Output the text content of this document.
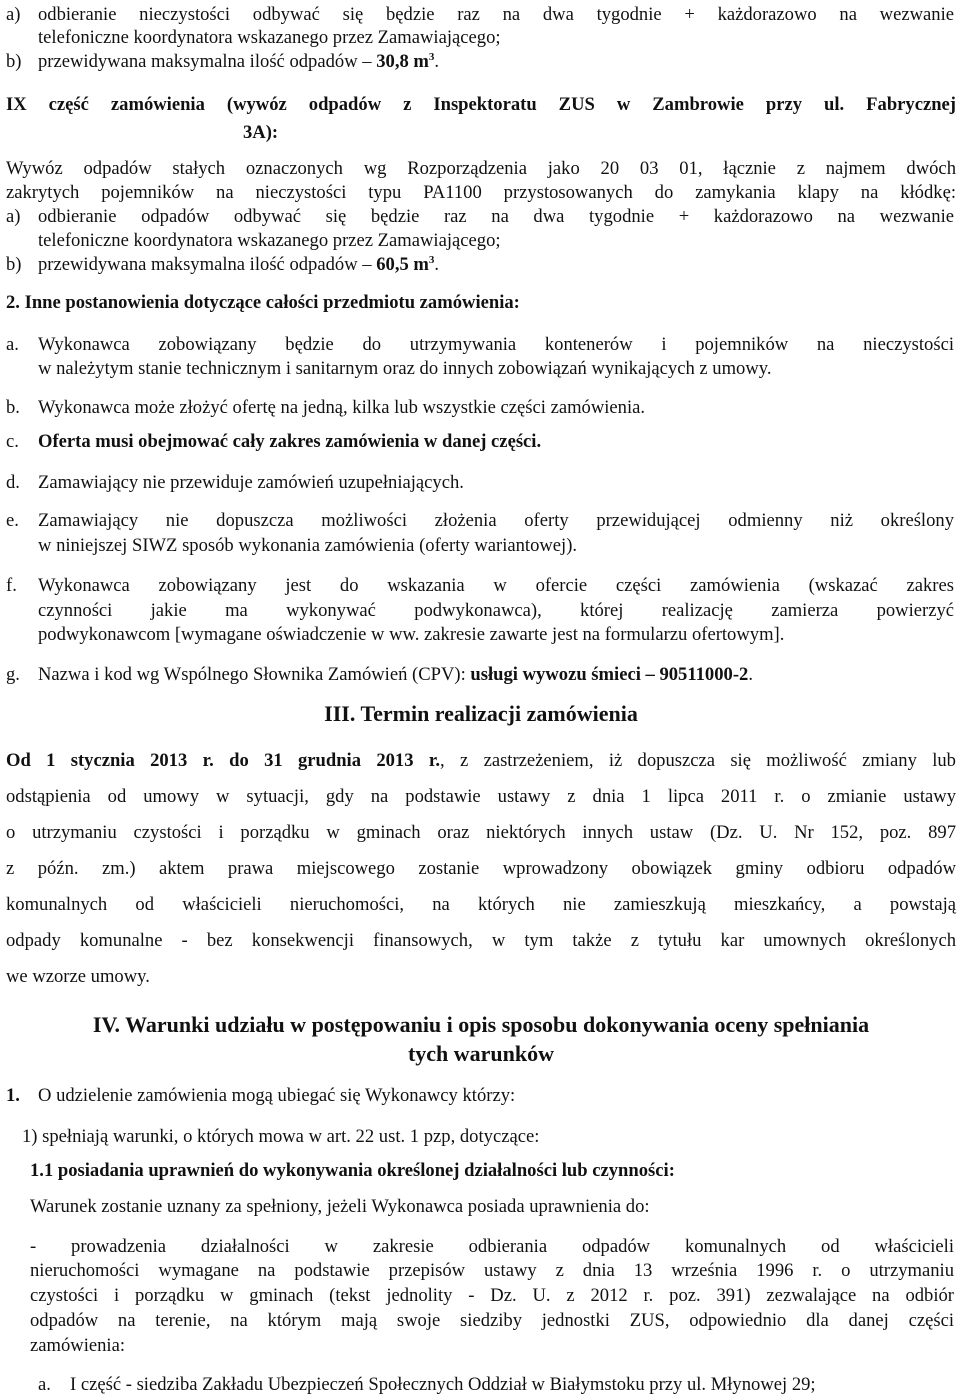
a) odbieranie nieczystości odbywać się będzie raz na dwa tygodnie + każdorazowo na wezwanie
telefoniczne koordynatora wskazanego przez Zamawiającego;
b) przewidywana maksymalna ilość odpadów – 30,8 $m^3$.
IX część zamówienia (wywóz odpadów z Inspektoratu ZUS w Zambrowie przy ul. Fabrycznej
3A):
Wywóz odpadów stałych oznaczonych wg Rozporządzenia jako 20 03 01, łącznie z najmem dwóch
zakrytych pojemników na nieczystości typu PA1100 przystosowanych do zamykania klapy na kłódkę:
a) odbieranie odpadów odbywać się będzie raz na dwa tygodnie + każdorazowo na wezwanie
telefoniczne koordynatora wskazanego przez Zamawiającego;
b) przewidywana maksymalna ilość odpadów – 60,5 $m^3$.
2. Inne postanowienia dotyczące całości przedmiotu zamówienia:
a. Wykonawca zobowiązany będzie do utrzymywania kontenerów i pojemników na nieczystości
w należytym stanie technicznym i sanitarnym oraz do innych zobowiązań wynikających z umowy.
b. Wykonawca może złożyć ofertę na jedną, kilka lub wszystkie części zamówienia.
c. Oferta musi obejmować cały zakres zamówienia w danej części.
d. Zamawiający nie przewiduje zamówień uzupełniających.
e. Zamawiający nie dopuszcza możliwości złożenia oferty przewidującej odmienny niż określony
w niniejszej SIWZ sposób wykonania zamówienia (oferty wariantowej).
f. Wykonawca zobowiązany jest do wskazania w ofercie części zamówienia (wskazać zakres
czynności jakie ma wykonywać podwykonawca), której realizację zamierza powierzyć
podwykonawcom [wymagane oświadczenie w ww. zakresie zawarte jest na formularzu ofertowym].
g. Nazwa i kod wg Wspólnego Słownika Zamówień (CPV): usługi wywozu śmieci – 90511000-2.
III. Termin realizacji zamówienia
Od 1 stycznia 2013 r. do 31 grudnia 2013 r., z zastrzeżeniem, iż dopuszcza się możliwość zmiany lub
odstąpienia od umowy w sytuacji, gdy na podstawie ustawy z dnia 1 lipca 2011 r. o zmianie ustawy
o utrzymaniu czystości i porządku w gminach oraz niektórych innych ustaw (Dz. U. Nr 152, poz. 897
z późn. zm.) aktem prawa miejscowego zostanie wprowadzony obowiązek gminy odbioru odpadów
komunalnych od właścicieli nieruchomości, na których nie zamieszkują mieszkańcy, a powstają
odpady komunalne - bez konsekwencji finansowych, w tym także z tytułu kar umownych określonych
we wzorze umowy.
IV. Warunki udziału w postępowaniu i opis sposobu dokonywania oceny spełniania
tych warunków
1. O udzielenie zamówienia mogą ubiegać się Wykonawcy którzy:
1) spełniają warunki, o których mowa w art. 22 ust. 1 pzp, dotyczące:
1.1 posiadania uprawnień do wykonywania określonej działalności lub czynności:
Warunek zostanie uznany za spełniony, jeżeli Wykonawca posiada uprawnienia do:
- prowadzenia działalności w zakresie odbierania odpadów komunalnych od właścicieli
nieruchomości wymagane na podstawie przepisów ustawy z dnia 13 września 1996 r. o utrzymaniu
czystości i porządku w gminach (tekst jednolity - Dz. U. z 2012 r. poz. 391) zezwalające na odbiór
odpadów na terenie, na którym mają swoje siedziby jednostki ZUS, odpowiednio dla danej części
zamówienia:
a. I część - siedziba Zakładu Ubezpieczeń Społecznych Oddział w Białymstoku przy ul. Młynowej 29;
